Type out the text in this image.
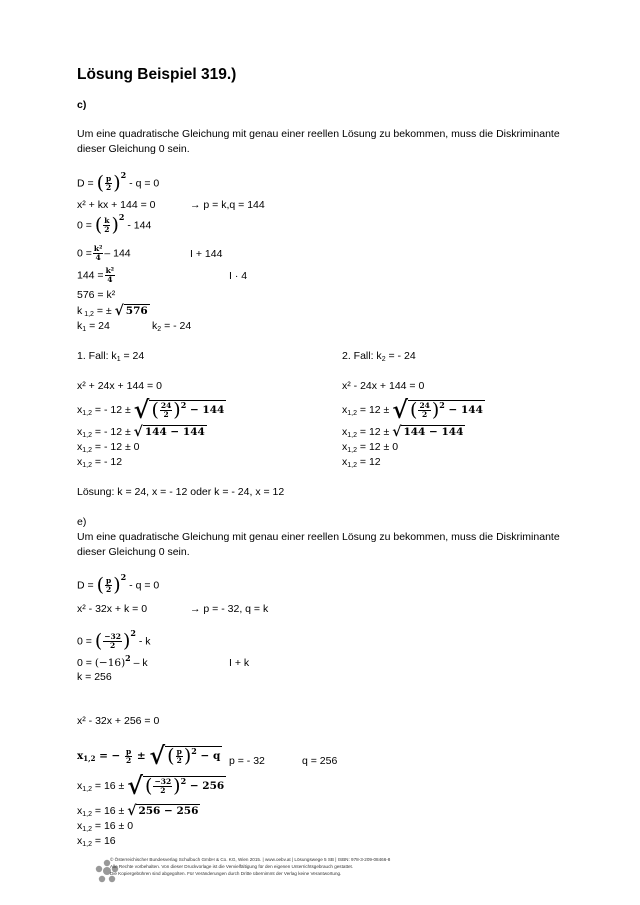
Lösung Beispiel 319.)
c)
Um eine quadratische Gleichung mit genau einer reellen Lösung zu bekommen, muss die Diskriminante
dieser Gleichung 0 sein.
D = ( $\frac{p}{2}$ ) $^2$ - q = 0
x² + kx + 144 = 0	→ p = k,q = 144
0 = ( $\frac{k}{2}$ ) $^2$ - 144
$0 = \frac{\text{k²}}{4} - 144$	I + 144
$144 = \frac{\text{k²}}{4}$	I · 4
576 = k²
k $_{1,2}$ = ± √ 576
$k_1 = 24$	$k_2$ = - 24
1. Fall: $k_1 = 24$
x² + 24x + 144 = 0
$x_{1,2}$ = - 12 ± √ ( $\frac{24}{2}$ ) 2
− 144
$x_{1,2}$ = - 12 ± √ 144 − 144
$x_{1,2}$ = - 12 ± 0
$x_{1,2}$ = - 12
2. Fall: $k_2$ = - 24
x² - 24x + 144 = 0
$x_{1,2} = 12$ ± √ ( $\frac{24}{2}$ ) 2
− 144
$x_{1,2} = 12$ ± √ 144 − 144
$x_{1,2} = 12 \pm 0$
$x_{1,2} = 12$
Lösung: k = 24, x = - 12 oder k = - 24, x = 12
e)
Um eine quadratische Gleichung mit genau einer reellen Lösung zu bekommen, muss die Diskriminante
dieser Gleichung 0 sein.
D = ( $\frac{p}{2}$ ) $^2$ - q = 0
x² - 32x + k = 0	→ p = - 32, q = k
0 = ( $\frac{-32}{2}$ ) $^2$ - k
$0 = (-16)^2 - k$	I + k
k = 256
x² - 32x + 256 = 0
$x_{1,2}$ = − $\frac{p}{2}$ ± √ ( $\frac{p}{2}$ ) 2
− q p = - 32	q = 256
$x_{1,2} = 16$ ± √ ( $\frac{-32}{2}$ ) 2
− 256
$x_{1,2} = 16$ ± √ 256 − 256
$x_{1,2} = 16 \pm 0$
$x_{1,2} = 16$
© Österreichischer Bundesverlag Schulbuch GmbH & Co. KG, Wien 2015. | www.oebv.at | Lösungswege 5 SB | ISBN: 978-3-209-08466-8
Alle Rechte vorbehalten. Von dieser Druckvorlage ist die Vervielfältigung für den eigenen Unterrichtsgebrauch gestattet.
Die Kopiergebühren sind abgegolten. Für Veränderungen durch Dritte übernimmt der Verlag keine Verantwortung.
